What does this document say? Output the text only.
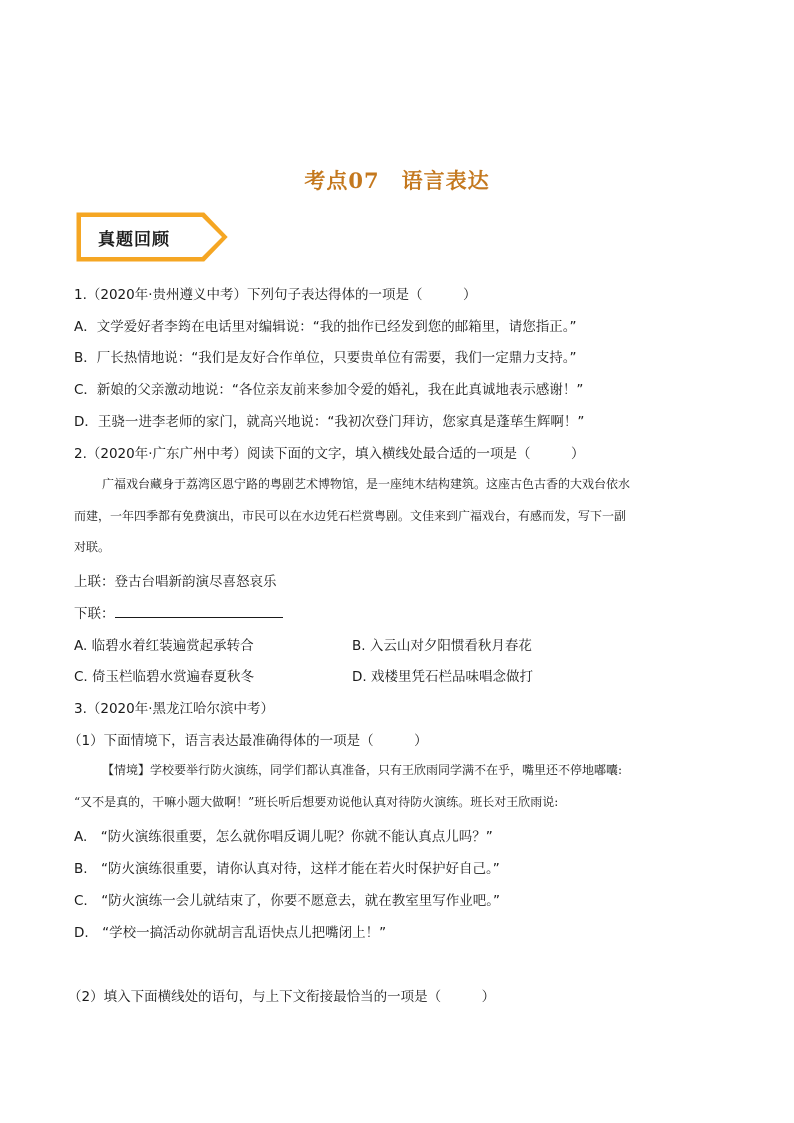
考点07 语言表达
真题回顾
1.（2020年·贵州遵义中考）下列句子表达得体的一项是（　　　）
A．文学爱好者李筠在电话里对编辑说：“我的拙作已经发到您的邮箱里，请您指正。”
B．厂长热情地说：“我们是友好合作单位，只要贵单位有需要，我们一定鼎力支持。”
C．新娘的父亲激动地说：“各位亲友前来参加令爱的婚礼，我在此真诚地表示感谢！”
D．王骁一进李老师的家门，就高兴地说：“我初次登门拜访，您家真是蓬荜生辉啊！”
2.（2020年·广东广州中考）阅读下面的文字，填入横线处最合适的一项是（　　　）
广福戏台藏身于荔湾区恩宁路的粤剧艺术博物馆，是一座纯木结构建筑。这座古色古香的大戏台依水
而建，一年四季都有免费演出，市民可以在水边凭石栏赏粤剧。文佳来到广福戏台，有感而发，写下一副
对联。
上联：登古台唱新韵演尽喜怒哀乐
下联：
A. 临碧水着红装遍赏起承转合	B. 入云山对夕阳惯看秋月春花
C. 倚玉栏临碧水赏遍春夏秋冬	D. 戏楼里凭石栏品味唱念做打
3.（2020年·黑龙江哈尔滨中考）
（1）下面情境下，语言表达最准确得体的一项是（　　　）
【情境】学校要举行防火演练，同学们都认真准备，只有王欣雨同学满不在乎，嘴里还不停地嘟囔:
“又不是真的，干嘛小题大做啊！”班长听后想要劝说他认真对待防火演练。班长对王欣雨说:
A.　“防火演练很重要，怎么就你唱反调儿呢？你就不能认真点儿吗？”
B.　“防火演练很重要，请你认真对待，这样才能在若火时保护好自己。”
C.　“防火演练一会儿就结束了，你要不愿意去，就在教室里写作业吧。”
D.　“学校一搞活动你就胡言乱语快点儿把嘴闭上！”
（2）填入下面横线处的语句，与上下文衔接最恰当的一项是（　　　）
